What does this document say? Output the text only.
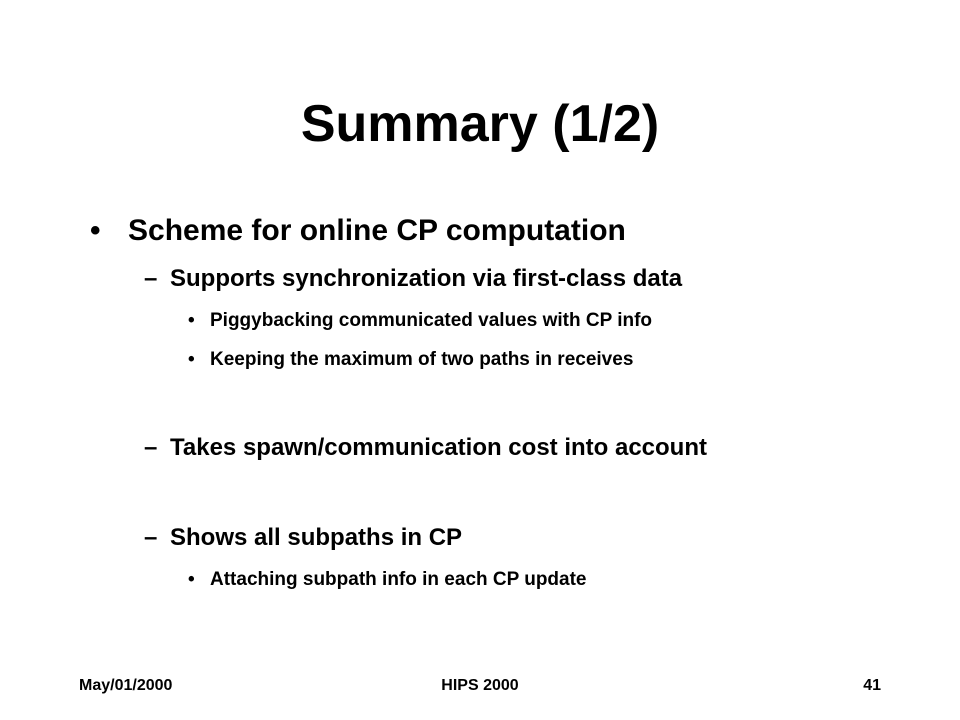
Summary (1/2)
• Scheme for online CP computation

– Supports synchronization via first-class data

• Piggybacking communicated values with CP info

• Keeping the maximum of two paths in receives

– Takes spawn/communication cost into account

– Shows all subpaths in CP

• Attaching subpath info in each CP update

May/01/2000	HIPS 2000	41
